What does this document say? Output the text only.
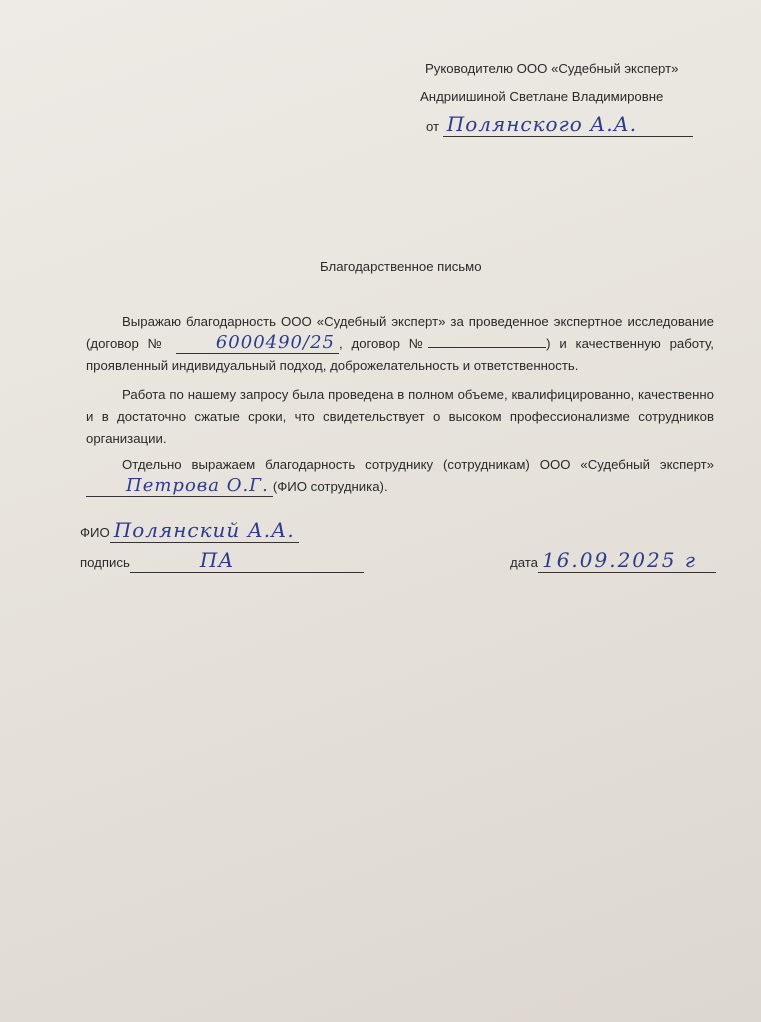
Руководителю ООО «Судебный эксперт»
Андриишиной Светлане Владимировне
от Полянского А.А.
Благодарственное письмо
Выражаю благодарность ООО «Судебный эксперт» за проведенное экспертное исследование (договор №	6000490/25 , договор №	) и качественную работу, проявленный индивидуальный подход, доброжелательность и ответственность.
Работа по нашему запросу была проведена в полном объеме, квалифицированно, качественно и в достаточно сжатые сроки, что свидетельствует о высоком профессионализме сотрудников организации.
Отдельно выражаем благодарность сотруднику (сотрудникам) ООО «Судебный эксперт» Петрова О.Г. (ФИО сотрудника).
ФИО Полянский А.А.
подпись	ПА	дата 16.09.2025 г
